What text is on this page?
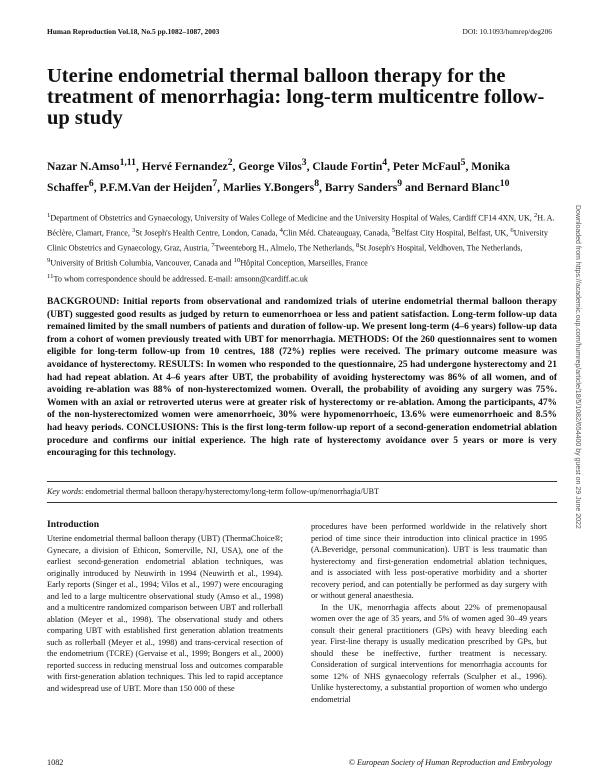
Human Reproduction Vol.18, No.5 pp.1082–1087, 2003	DOI: 10.1093/humrep/deg206
Uterine endometrial thermal balloon therapy for the treatment of menorrhagia: long-term multicentre follow-up study
Nazar N.Amso$^{1,11}$, Hervé Fernandez$^2$, George Vilos$^3$, Claude Fortin$^4$, Peter McFaul$^5$, Monika Schaffer$^6$, P.F.M.Van der Heijden$^7$, Marlies Y.Bongers$^8$, Barry Sanders$^9$ and Bernard Blanc$^{10}$
$^1$Department of Obstetrics and Gynaecology, University of Wales College of Medicine and the University Hospital of Wales, Cardiff CF14 4XN, UK, $^2$H. A. Béclère, Clamart, France, $^3$St Joseph's Health Centre, London, Canada, $^4$Clin Méd. Chateauguay, Canada, $^5$Belfast City Hospital, Belfast, UK, $^6$University Clinic Obstetrics and Gynaecology, Graz, Austria, $^7$Tweenteborg H., Almelo, The Netherlands, $^8$St Joseph's Hospital, Veldhoven, The Netherlands, $^9$University of British Columbia, Vancouver, Canada and $^{10}$Hôpital Conception, Marseilles, France
$^{11}$To whom correspondence should be addressed. E-mail: amsonn@cardiff.ac.uk
BACKGROUND: Initial reports from observational and randomized trials of uterine endometrial thermal balloon therapy (UBT) suggested good results as judged by return to eumenorrhoea or less and patient satisfaction. Long-term follow-up data remained limited by the small numbers of patients and duration of follow-up. We present long-term (4–6 years) follow-up data from a cohort of women previously treated with UBT for menorrhagia. METHODS: Of the 260 questionnaires sent to women eligible for long-term follow-up from 10 centres, 188 (72%) replies were received. The primary outcome measure was avoidance of hysterectomy. RESULTS: In women who responded to the questionnaire, 25 had undergone hysterectomy and 21 had had repeat ablation. At 4–6 years after UBT, the probability of avoiding hysterectomy was 86% of all women, and of avoiding re-ablation was 88% of non-hysterectomized women. Overall, the probability of avoiding any surgery was 75%. Women with an axial or retroverted uterus were at greater risk of hysterectomy or re-ablation. Among the participants, 47% of the non-hysterectomized women were amenorrhoeic, 30% were hypomenorrhoeic, 13.6% were eumenorrhoeic and 8.5% had heavy periods. CONCLUSIONS: This is the first long-term follow-up report of a second-generation endometrial ablation procedure and confirms our initial experience. The high rate of hysterectomy avoidance over 5 years or more is very encouraging for this technology.
Key words: endometrial thermal balloon therapy/hysterectomy/long-term follow-up/menorrhagia/UBT
Introduction

Uterine endometrial thermal balloon therapy (UBT) (ThermaChoice®; Gynecare, a division of Ethicon, Somerville, NJ, USA), one of the earliest second-generation endometrial ablation techniques, was originally introduced by Neuwirth in 1994 (Neuwirth et al., 1994). Early reports (Singer et al., 1994; Vilos et al., 1997) were encouraging and led to a large multicentre observational study (Amso et al., 1998) and a multicentre randomized comparison between UBT and rollerball ablation (Meyer et al., 1998). The observational study and others comparing UBT with established first generation ablation treatments such as rollerball (Meyer et al., 1998) and trans-cervical resection of the endometrium (TCRE) (Gervaise et al., 1999; Bongers et al., 2000) reported success in reducing menstrual loss and outcomes comparable with first-generation ablation techniques. This led to rapid acceptance and widespread use of UBT. More than 150 000 of these

procedures have been performed worldwide in the relatively short period of time since their introduction into clinical practice in 1995 (A.Beveridge, personal communication). UBT is less traumatic than hysterectomy and first-generation endometrial ablation techniques, and is associated with less post-operative morbidity and a shorter recovery period, and can potentially be performed as day surgery with or without general anaesthesia.

In the UK, menorrhagia affects about 22% of premenopausal women over the age of 35 years, and 5% of women aged 30–49 years consult their general practitioners (GPs) with heavy bleeding each year. First-line therapy is usually medication prescribed by GPs, but should these be ineffective, further treatment is necessary. Consideration of surgical interventions for menorrhagia accounts for some 12% of NHS gynaecology referrals (Sculpher et al., 1996). Unlike hysterectomy, a substantial proportion of women who undergo endometrial

1082	© European Society of Human Reproduction and Embryology
Downloaded from https://academic.oup.com/humrep/article/18/5/1082/654400 by guest on 29 June 2022
